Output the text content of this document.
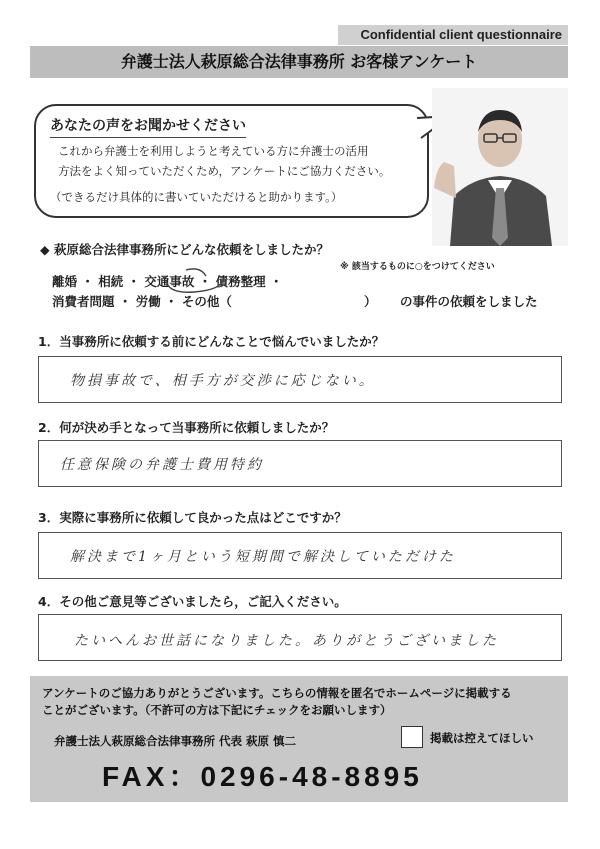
Confidential client questionnaire
弁護士法人萩原総合法律事務所 お客様アンケート
あなたの声をお聞かせください
これから弁護士を利用しようと考えている方に弁護士の活用
方法をよく知っていただくため，アンケートにご協力ください。
（できるだけ具体的に書いていただけると助かります。）
◆ 萩原総合法律事務所にどんな依頼をしましたか？
※ 該当するものに○をつけてください
離婚 ・ 相続 ・ 交通事故 ・ 債務整理 ・
消費者問題 ・ 労働 ・ その他（	） の事件の依頼をしました
1．当事務所に依頼する前にどんなことで悩んでいましたか？
物損事故で、相手方が交渉に応じない。
2．何が決め手となって当事務所に依頼しましたか？
任意保険の弁護士費用特約
3．実際に事務所に依頼して良かった点はどこですか？
解決まで1ヶ月という短期間で解決していただけた
4．その他ご意見等ございましたら，ご記入ください。
たいへんお世話になりました。ありがとうございました
アンケートのご協力ありがとうございます。こちらの情報を匿名でホームページに掲載する
ことがございます。（不許可の方は下記にチェックをお願いします）
弁護士法人萩原総合法律事務所 代表 萩原 慎二	掲載は控えてほしい
FAX：0296-48-8895
